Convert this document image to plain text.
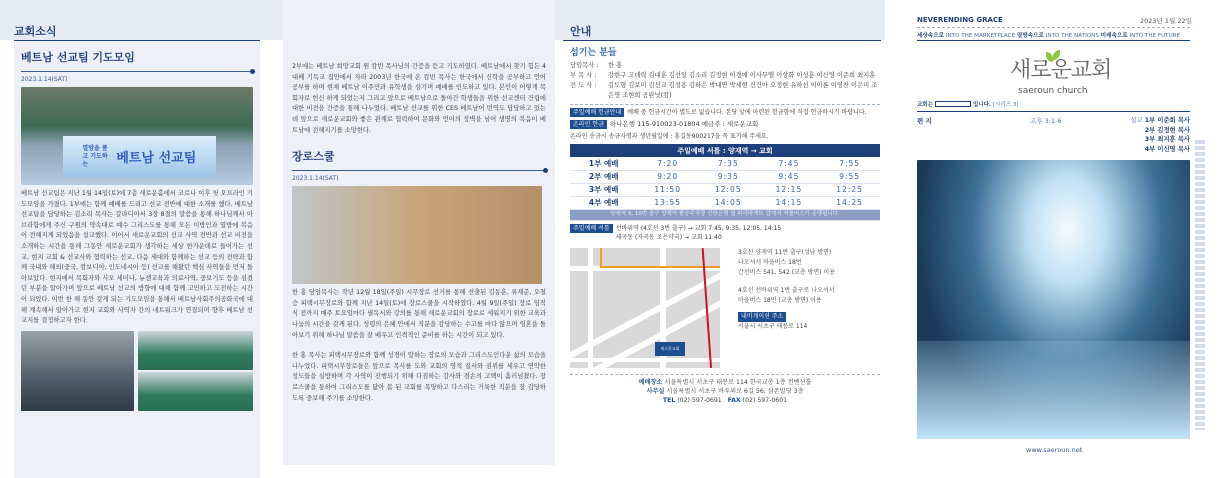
교회소식
베트남 선교팀 기도모임
2023.1.14(SAT)
열방을 품고 기도하는	베트남 선교팀
베트남 선교팀은 지난 1월 14일(토)에 7층 새로운홀에서 코로나 이후 첫 오프라인 기도모임을 가졌다. 1부에는 함께 예배를 드리고 선교 전반에 대한 소개를 했다. 베트남 선교팀을 담당하는 김소리 목사는 갈라디아서 3장 8절의 말씀을 통해 하나님께서 아브라함에게 주신 구원의 약속대로 예수 그리스도를 통해 모든 이방인과 열방에 복음이 전해지게 되었음을 설교했다. 이어서 새로운교회의 선교 사역 전반과 선교 비전을 소개하는 시간을 통해 그동안 새로운교회가 생각하는 세상 한가운데로 들어가는 선교, 현지 교회 & 선교사와 협력하는 선교, 다음 세대와 함께하는 선교 등의 전략과 함께 국내와 해외(중국, 캄보디아, 인도네시아 등) 선교를 해왔던 핵심 사역들을 먼저 돌아보았다. 현지에서 목회자와 사모 세미나, 뉴젠교육과 의료사역, 중보기도 등을 섬겼던 부분을 알아가며 앞으로 베트남 선교의 방향에 대해 함께 고민하고 도전하는 시간이 되었다. 이번 한 해 동안 갖게 되는 기도모임을 통해서 베트남사회주의공화국에 대해 계속해서 알아가고 현지 교회와 사역자 간의 네트워크가 연결되며 향후 베트남 선교지를 결정하고자 한다.
2부에는 베트남 희망교회 원 캄빈 목사님의 간증을 듣고 기도하였다. 베트남에서 찾기 힘든 4대째 기독교 집안에서 자라 2003년 한국에 온 캄빈 목사는 한국에서 신학을 공부하고 언어 공부를 하며 현재 베트남 이주민과 유학생을 섬기며 예배를 인도하고 있다. 본인이 어떻게 목회자로 헌신 하게 되었는지 그리고 앞으로 베트남으로 돌아간 학생들을 위한 선교센터 건립에 대한 비전을 간증을 통해 나누었다. 베트남 선교를 위한 CES 베트남어 번역도 담당하고 있는데 앞으로 새로운교회와 좋은 관계로 협력하여 문화와 언어의 장벽을 넘어 생명의 복음이 베트남에 전해지기를 소망한다.
장로스쿨
2023.1.14(SAT)
한 홍 담임목사는 작년 12월 18일(주일) 시무장로 선거를 통해 선출된 김동훈, 류재준, 오철승 피택시무장로와 함께 지난 14일(토)에 장로스쿨을 시작하였다. 4월 9일(주일) 장로 임직식 전까지 매주 토요일마다 필독서와 강의를 통해 새로운교회의 장로로 세워지기 위한 교육과 나눔의 시간을 갖게 된다. 성령의 은혜 안에서 직분을 감당하는 수고를 마다 않으며 영혼을 돌아보기 위해 하나님 말씀을 잘 배우고 인격적인 준비를 하는 시간이 되고 있다.
한 홍 목사는 피택시무장로와 함께 성경이 말하는 장로의 모습과 그리스도인다운 삶의 모습을 나누었다. 피택시무장로들은 앞으로 목사를 도와 교회의 영적 질서와 권위를 세우고 연약한 성도들을 심방하며 각 사역이 진행되기 위해 다짐하는 감사와 겸손의 고백이 흘러넘쳤다. 장로스쿨을 통하여 그리스도를 닮아 몸 된 교회를 목양하고 다스리는 거룩한 직분을 잘 감당하도록 중보해 주기를 소망한다.
안내
섬기는 분들
담임목사 :	한 홍
부 목 사 :	강현구 고데릭 김대훈 김선일 김소리 김정현 이경애 이사무엘 이상화 이성훈 이신영 이준희 최지훈
전 도 사 :	김도형 김보미 김선교 김성용 김하은 박대연 박세현 신건아 오정현 유하선 이아론 이영찬 이은미 조은영 조현희 공완넛(캄)
주일예배 헌금안내 예배 중 헌금시간이 별도로 없습니다. 본당 앞에 마련된 헌금함에 직접 헌금하시기 바랍니다.
온라인 헌금 하나은행 115-910023-01804 예금주 : 새로운교회
온라인 송금시 송금자명과 생년월일에 : 홍길동900217을 꼭 표기해 주세요.
주일예배 셔틀 : 양재역 → 교회				
1부 예배	7:20	7:35	7:45	7:55
2부 예배	9:20	9:35	9:45	9:55
3부 예배	11:50	12:05	12:15	12:25
4부 예배	13:55	14:05	14:15	14:25
양재역 9, 10번 출구 양재역 환승주차장 신한은행 옆 파리바게뜨 앞에서 셔틀버스가 운행됩니다.				
주일예배 셔틀	선바위역 (4호선 3번 출구) → 교회 7:45, 9:35, 12:05, 14:15
세곡동 (자곡동 조은약국) → 교회 11:40
새로운교회
3호선 양재역 11번 출구(성남 방면)
나오셔서 마을버스 18번
간선버스 541, 542 (교총 방면) 이용
4호선 선바위역 1번 출구로 나오셔서
마을버스 18번 (교총 방면) 이용
내비게이션 주소
서울시 서초구 태봉로 114
예배장소 서울특별시 서초구 태봉로 114 한국교총 1층 컨벤션홀
사무실 서울특별시 서초구 바우뫼로 6길 56, 삼존빌딩 3층
TEL (02) 597-0691 FAX (02) 597-0601
NEVERENDING GRACE	2023년 1월 22일
세상속으로 INTO THE MARKETPLACE 열방속으로 INTO THE NATIONS 미래속으로 INTO THE FUTURE
새로운교회
saeroun church
교회는	입니다. [시리즈 3]
편 지	고후 3:1-6	설교 1부 이준희 목사
2부 김정현 목사
3부 최지훈 목사
4부 이신영 목사
www.saeroun.net
